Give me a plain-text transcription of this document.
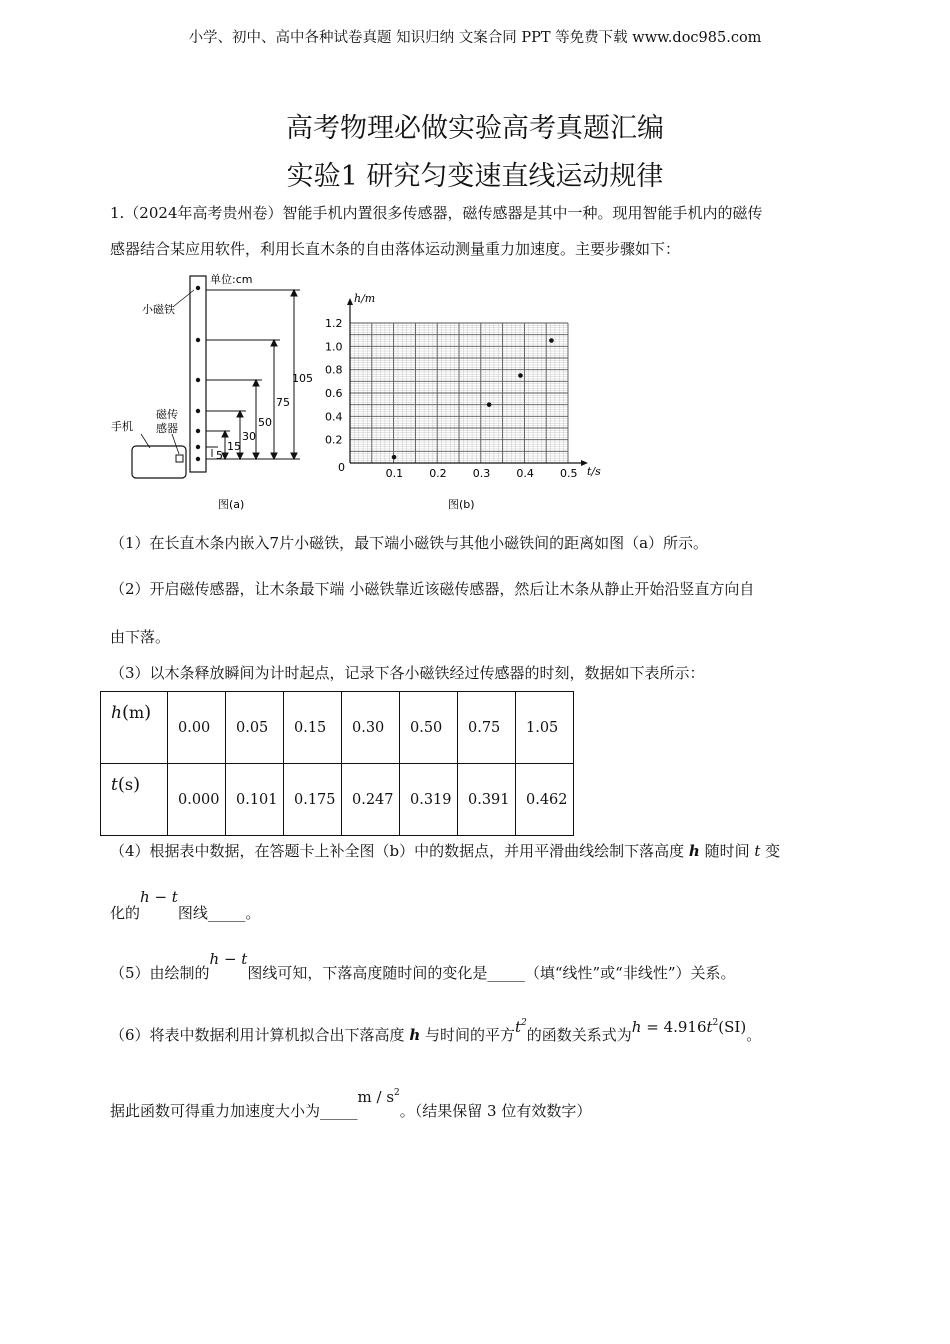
小学、初中、高中各种试卷真题 知识归纳 文案合同 PPT 等免费下载 www.doc985.com
高考物理必做实验高考真题汇编
实验1 研究匀变速直线运动规律
1.（2024年高考贵州卷）智能手机内置很多传感器，磁传感器是其中一种。现用智能手机内的磁传
感器结合某应用软件，利用长直木条的自由落体运动测量重力加速度。主要步骤如下：
单位:cm
小磁铁
手机
磁传
感器
105
75
50
30
15
5
图(a)
1.2
1.0
0.8
0.6
0.4
0.2
0.1 0.2 0.3 0.4 0.5
h/m
t/s
0
图(b)
（1）在长直木条内嵌入7片小磁铁，最下端小磁铁与其他小磁铁间的距离如图（a）所示。
（2）开启磁传感器，让木条最下端 小磁铁靠近该磁传感器，然后让木条从静止开始沿竖直方向自
由下落。
（3）以木条释放瞬间为计时起点，记录下各小磁铁经过传感器的时刻，数据如下表所示：
h(m)	0.00	0.05	0.15	0.30	0.50	0.75	1.05
t(s)	0.000	0.101	0.175	0.247	0.319	0.391	0.462
（4）根据表中数据，在答题卡上补全图（b）中的数据点，并用平滑曲线绘制下落高度 h 随时间 t 变
化的h − t图线_____。
（5）由绘制的h − t图线可知，下落高度随时间的变化是_____（填“线性”或“非线性”）关系。
（6）将表中数据利用计算机拟合出下落高度 h 与时间的平方$t^2$的函数关系式为$h = 4.916t^2(SI)$。
据此函数可得重力加速度大小为_____m / $s^2$。（结果保留 3 位有效数字）
